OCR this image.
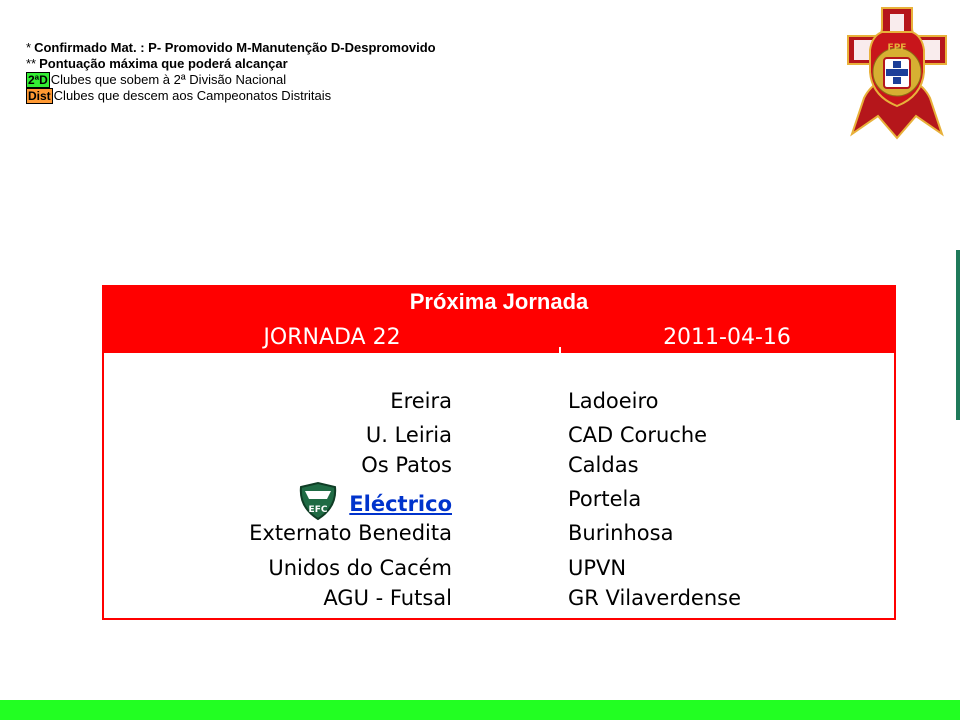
* Confirmado Mat. : P- Promovido M-Manutenção D-Despromovido
** Pontuação máxima que poderá alcançar
2ªD Clubes que sobem à 2ª Divisão Nacional
Dist Clubes que descem aos Campeonatos Distritais
FPF
Próxima Jornada
JORNADA 22	2011-04-16
Ereira	Ladoeiro
U. Leiria	CAD Coruche
Os Patos	Caldas
EFC Eléctrico	Portela
Externato Benedita	Burinhosa
Unidos do Cacém	UPVN
AGU - Futsal	GR Vilaverdense
